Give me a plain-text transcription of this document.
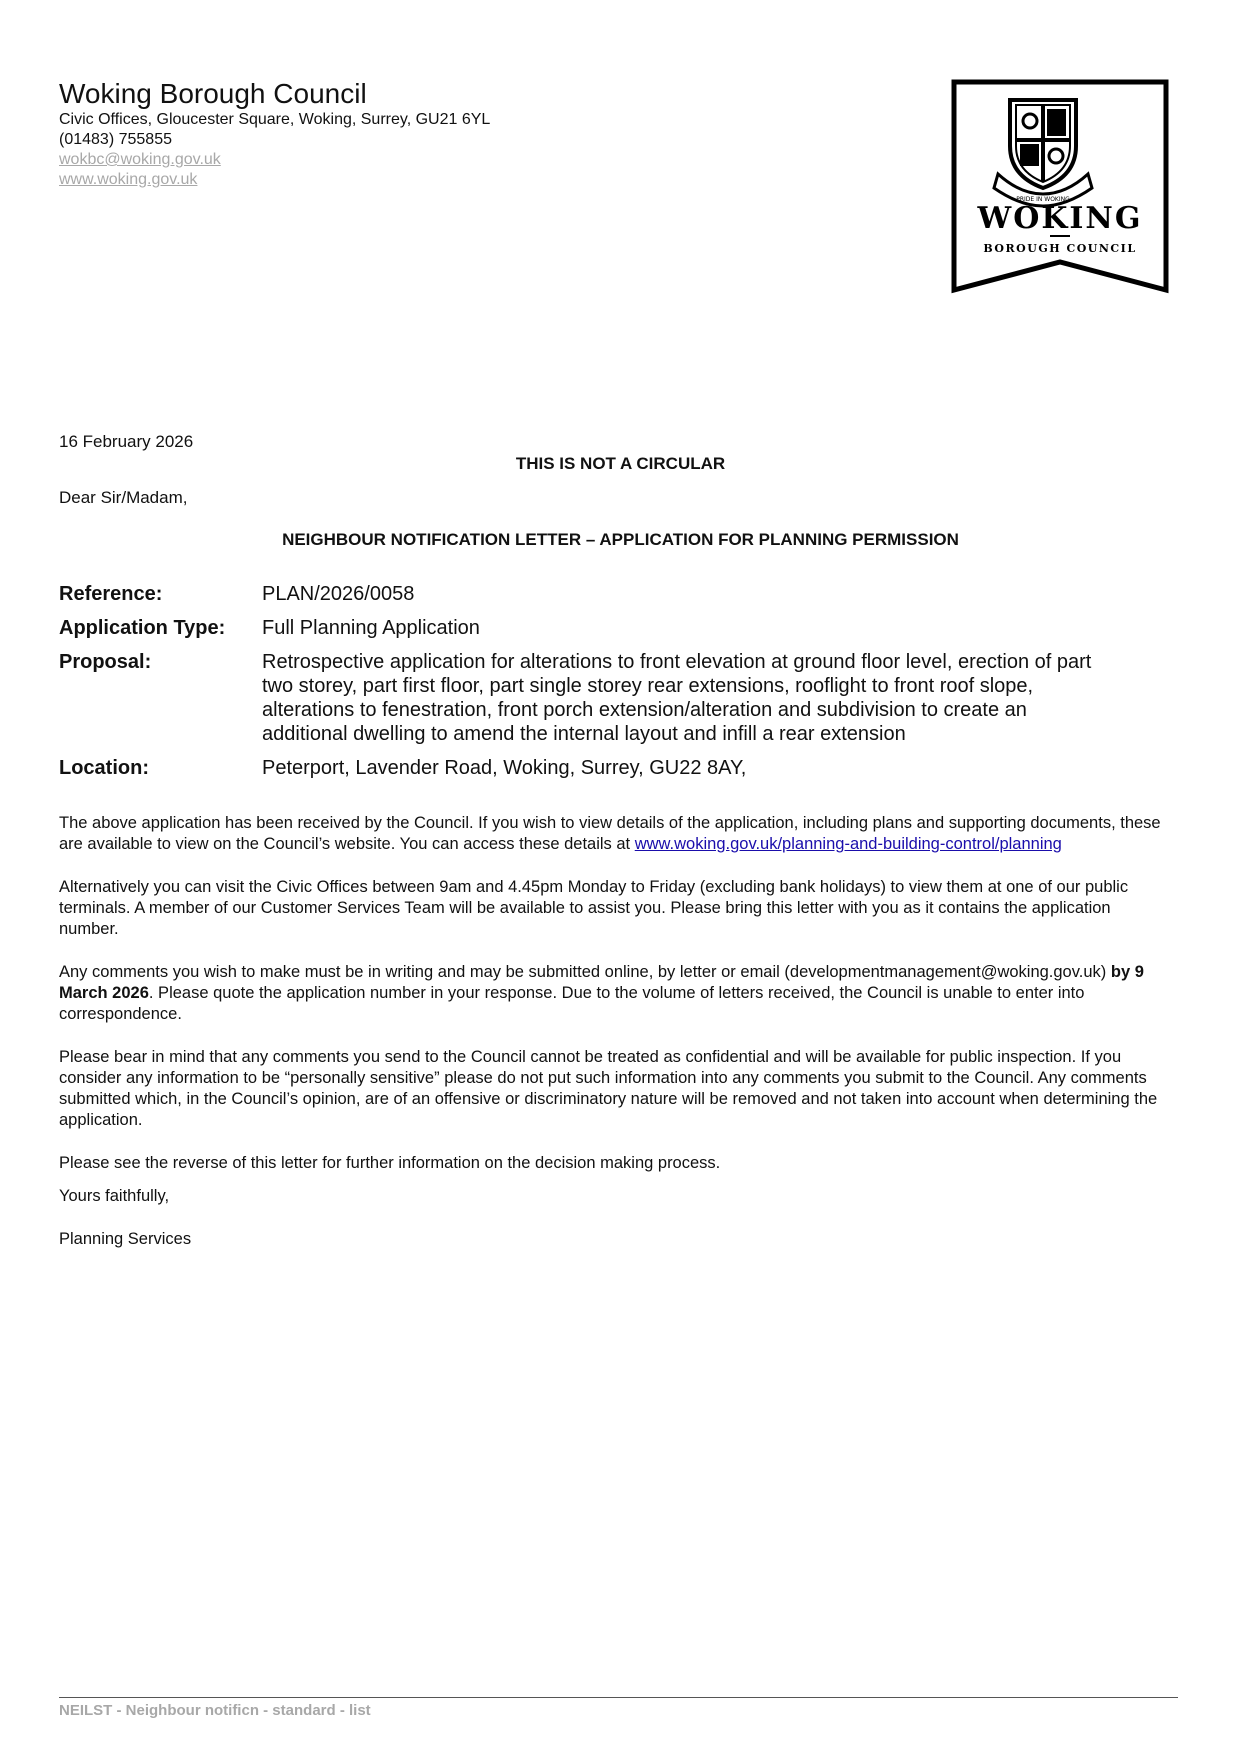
Woking Borough Council
Civic Offices, Gloucester Square, Woking, Surrey, GU21 6YL
(01483) 755855
wokbc@woking.gov.uk
www.woking.gov.uk
PRIDE IN WOKING
WOKING
BOROUGH COUNCIL
16 February 2026
THIS IS NOT A CIRCULAR
Dear Sir/Madam,
NEIGHBOUR NOTIFICATION LETTER – APPLICATION FOR PLANNING PERMISSION
Reference:	PLAN/2026/0058
Application Type:	Full Planning Application
Proposal:	Retrospective application for alterations to front elevation at ground floor level, erection of part two storey, part first floor, part single storey rear extensions, rooflight to front roof slope, alterations to fenestration, front porch extension/alteration and subdivision to create an additional dwelling to amend the internal layout and infill a rear extension
Location:	Peterport, Lavender Road, Woking, Surrey, GU22 8AY,

The above application has been received by the Council. If you wish to view details of the application, including plans and supporting documents, these are available to view on the Council’s website. You can access these details at www.woking.gov.uk/planning-and-building-control/planning

Alternatively you can visit the Civic Offices between 9am and 4.45pm Monday to Friday (excluding bank holidays) to view them at one of our public terminals. A member of our Customer Services Team will be available to assist you. Please bring this letter with you as it contains the application number.

Any comments you wish to make must be in writing and may be submitted online, by letter or email (developmentmanagement@woking.gov.uk) by 9 March 2026. Please quote the application number in your response. Due to the volume of letters received, the Council is unable to enter into correspondence.

Please bear in mind that any comments you send to the Council cannot be treated as confidential and will be available for public inspection. If you consider any information to be “personally sensitive” please do not put such information into any comments you submit to the Council. Any comments submitted which, in the Council’s opinion, are of an offensive or discriminatory nature will be removed and not taken into account when determining the application.

Please see the reverse of this letter for further information on the decision making process.

Yours faithfully,

Planning Services

NEILST - Neighbour notificn - standard - list
